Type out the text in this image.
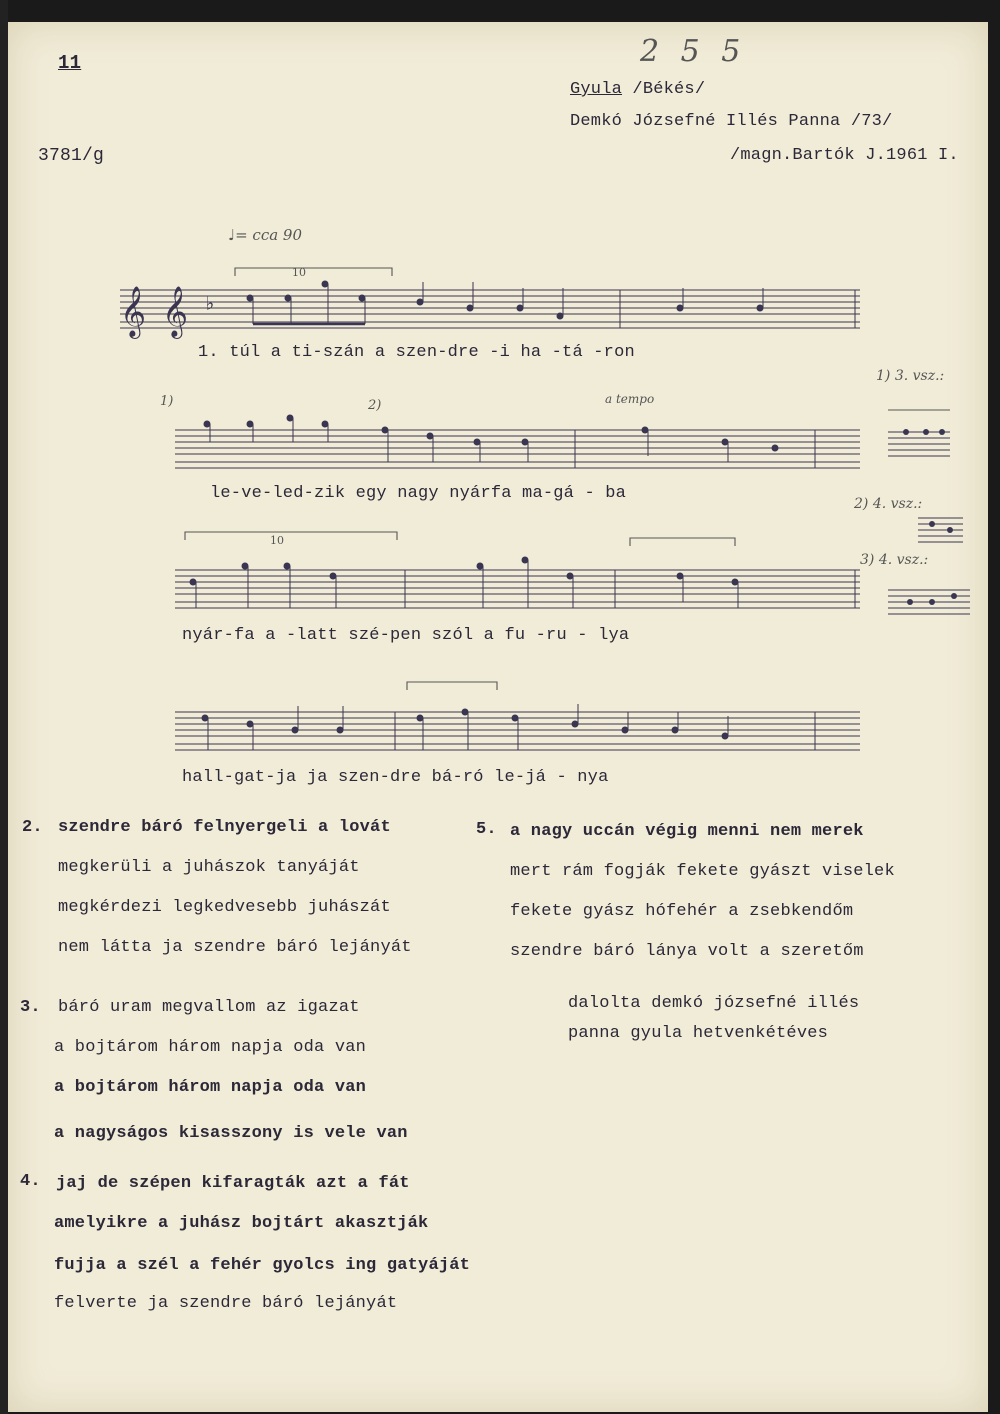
11
3781/g
2 5 5
Gyula /Békés/
Demkó Józsefné Illés Panna /73/
/magn.Bartók J.1961 I.
♩= cca 90
𝄞 𝄞 ♭
10
1. túl a ti-szán a szen-dre -i ha -tá -ron
1)	2)	a tempo
le-ve-led-zik egy nagy nyárfa ma-gá - ba
1) 3. vsz.:
2) 4. vsz.:
3) 4. vsz.:
10
nyár-fa a -latt szé-pen szól a fu -ru - lya
hall-gat-ja ja szen-dre bá-ró le-já - nya
2. szendre báró felnyergeli a lovát
megkerüli a juhászok tanyáját
megkérdezi legkedvesebb juhászát
nem látta ja szendre báró lejányát
5. a nagy uccán végig menni nem merek
mert rám fogják fekete gyászt viselek
fekete gyász hófehér a zsebkendőm
szendre báró lánya volt a szeretőm
dalolta demkó józsefné illés
panna gyula hetvenkétéves
3. báró uram megvallom az igazat
a bojtárom három napja oda van
a bojtárom három napja oda van
a nagyságos kisasszony is vele van
4. jaj de szépen kifaragták azt a fát
amelyikre a juhász bojtárt akasztják
fujja a szél a fehér gyolcs ing gatyáját
felverte ja szendre báró lejányát
